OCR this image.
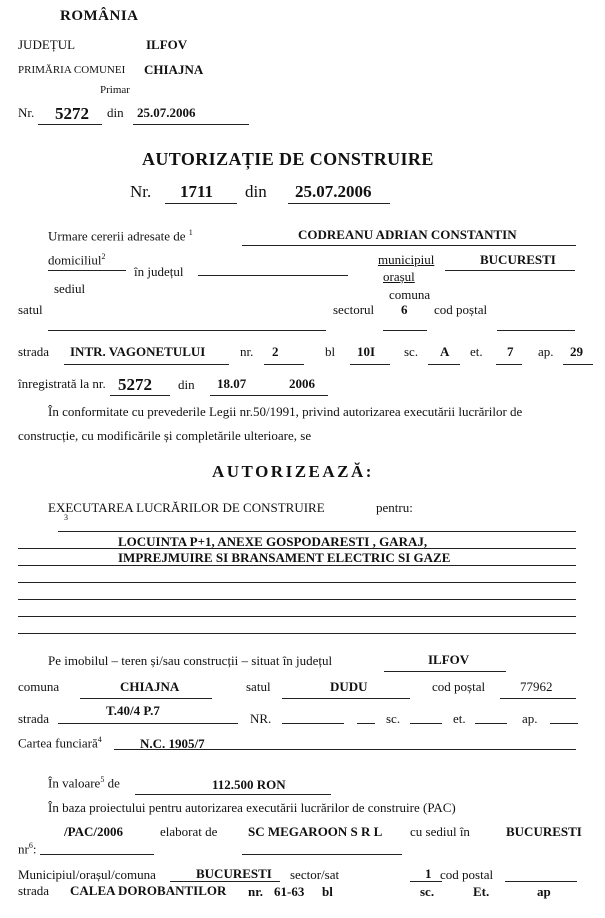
ROMÂNIA
JUDEȚUL	ILFOV
PRIMĂRIA COMUNEI CHIAJNA
Primar
Nr. 5272 din 25.07.2006
AUTORIZAȚIE DE CONSTRUIRE
Nr. 1711 din 25.07.2006
Urmare cererii adresate de $^1$	CODREANU ADRIAN CONSTANTIN
domiciliul$^2$
în județul
municipiul	BUCURESTI
orașul
sediul	comuna
satul	sectorul 6 cod poștal
strada INTR. VAGONETULUI	nr. 2	bl 10I sc. A et. 7 ap. 29
înregistrată la nr. 5272 din 18.07	2006
În conformitate cu prevederile Legii nr.50/1991, privind autorizarea executării lucrărilor de
construcție, cu modificările și completările ulterioare, se
AUTORIZEAZĂ:
EXECUTAREA LUCRĂRILOR DE CONSTRUIRE	pentru:
3
LOCUINTA P+1, ANEXE GOSPODARESTI , GARAJ,
IMPREJMUIRE SI BRANSAMENT ELECTRIC SI GAZE
Pe imobilul – teren și/sau construcții – situat în județul	ILFOV
comuna	CHIAJNA	satul	DUDU	cod poștal	77962
strada
T.40/4 P.7
NR.	sc.	et.	ap.
Cartea funciară$^4$	N.C. 1905/7
În valoare$^5$ de	112.500 RON
În baza proiectului pentru autorizarea executării lucrărilor de construire (PAC)
/PAC/2006
$nr^6$:
elaborat de SC MEGAROON S R L cu sediul în	BUCURESTI
Municipiul/orașul/comuna	BUCURESTI sector/sat	1 cod postal
strada CALEA DOROBANTILOR nr. 61-63 bl	sc.	Et.	ap
